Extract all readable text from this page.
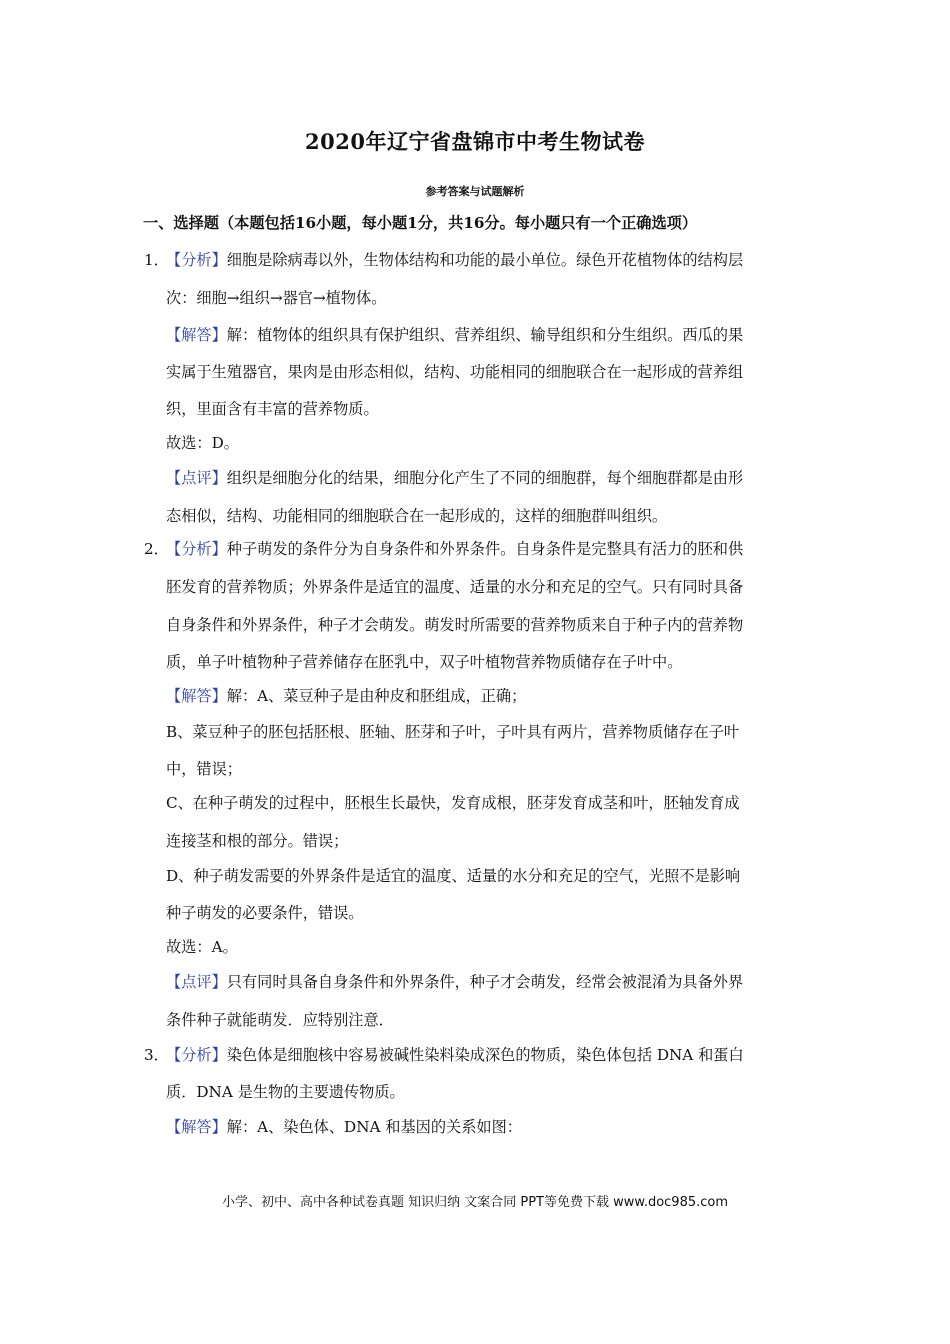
2020年辽宁省盘锦市中考生物试卷
参考答案与试题解析
一、选择题（本题包括16小题，每小题1分，共16分。每小题只有一个正确选项）
1．
【分析】细胞是除病毒以外，生物体结构和功能的最小单位。绿色开花植物体的结构层
次：细胞→组织→器官→植物体。
【解答】解：植物体的组织具有保护组织、营养组织、输导组织和分生组织。西瓜的果
实属于生殖器官，果肉是由形态相似，结构、功能相同的细胞联合在一起形成的营养组
织，里面含有丰富的营养物质。
故选：D。
【点评】组织是细胞分化的结果，细胞分化产生了不同的细胞群，每个细胞群都是由形
态相似，结构、功能相同的细胞联合在一起形成的，这样的细胞群叫组织。
2．
【分析】种子萌发的条件分为自身条件和外界条件。自身条件是完整具有活力的胚和供
胚发育的营养物质；外界条件是适宜的温度、适量的水分和充足的空气。只有同时具备
自身条件和外界条件，种子才会萌发。萌发时所需要的营养物质来自于种子内的营养物
质，单子叶植物种子营养储存在胚乳中，双子叶植物营养物质储存在子叶中。
【解答】解：A、菜豆种子是由种皮和胚组成，正确；
B、菜豆种子的胚包括胚根、胚轴、胚芽和子叶，子叶具有两片，营养物质储存在子叶
中，错误；
C、在种子萌发的过程中，胚根生长最快，发育成根，胚芽发育成茎和叶，胚轴发育成
连接茎和根的部分。错误；
D、种子萌发需要的外界条件是适宜的温度、适量的水分和充足的空气，光照不是影响
种子萌发的必要条件，错误。
故选：A。
【点评】只有同时具备自身条件和外界条件，种子才会萌发，经常会被混淆为具备外界
条件种子就能萌发．应特别注意．
3．
【分析】染色体是细胞核中容易被碱性染料染成深色的物质，染色体包括 DNA 和蛋白
质．DNA 是生物的主要遗传物质。
【解答】解：A、染色体、DNA 和基因的关系如图：
小学、初中、高中各种试卷真题 知识归纳 文案合同 PPT等免费下载 www.doc985.com
